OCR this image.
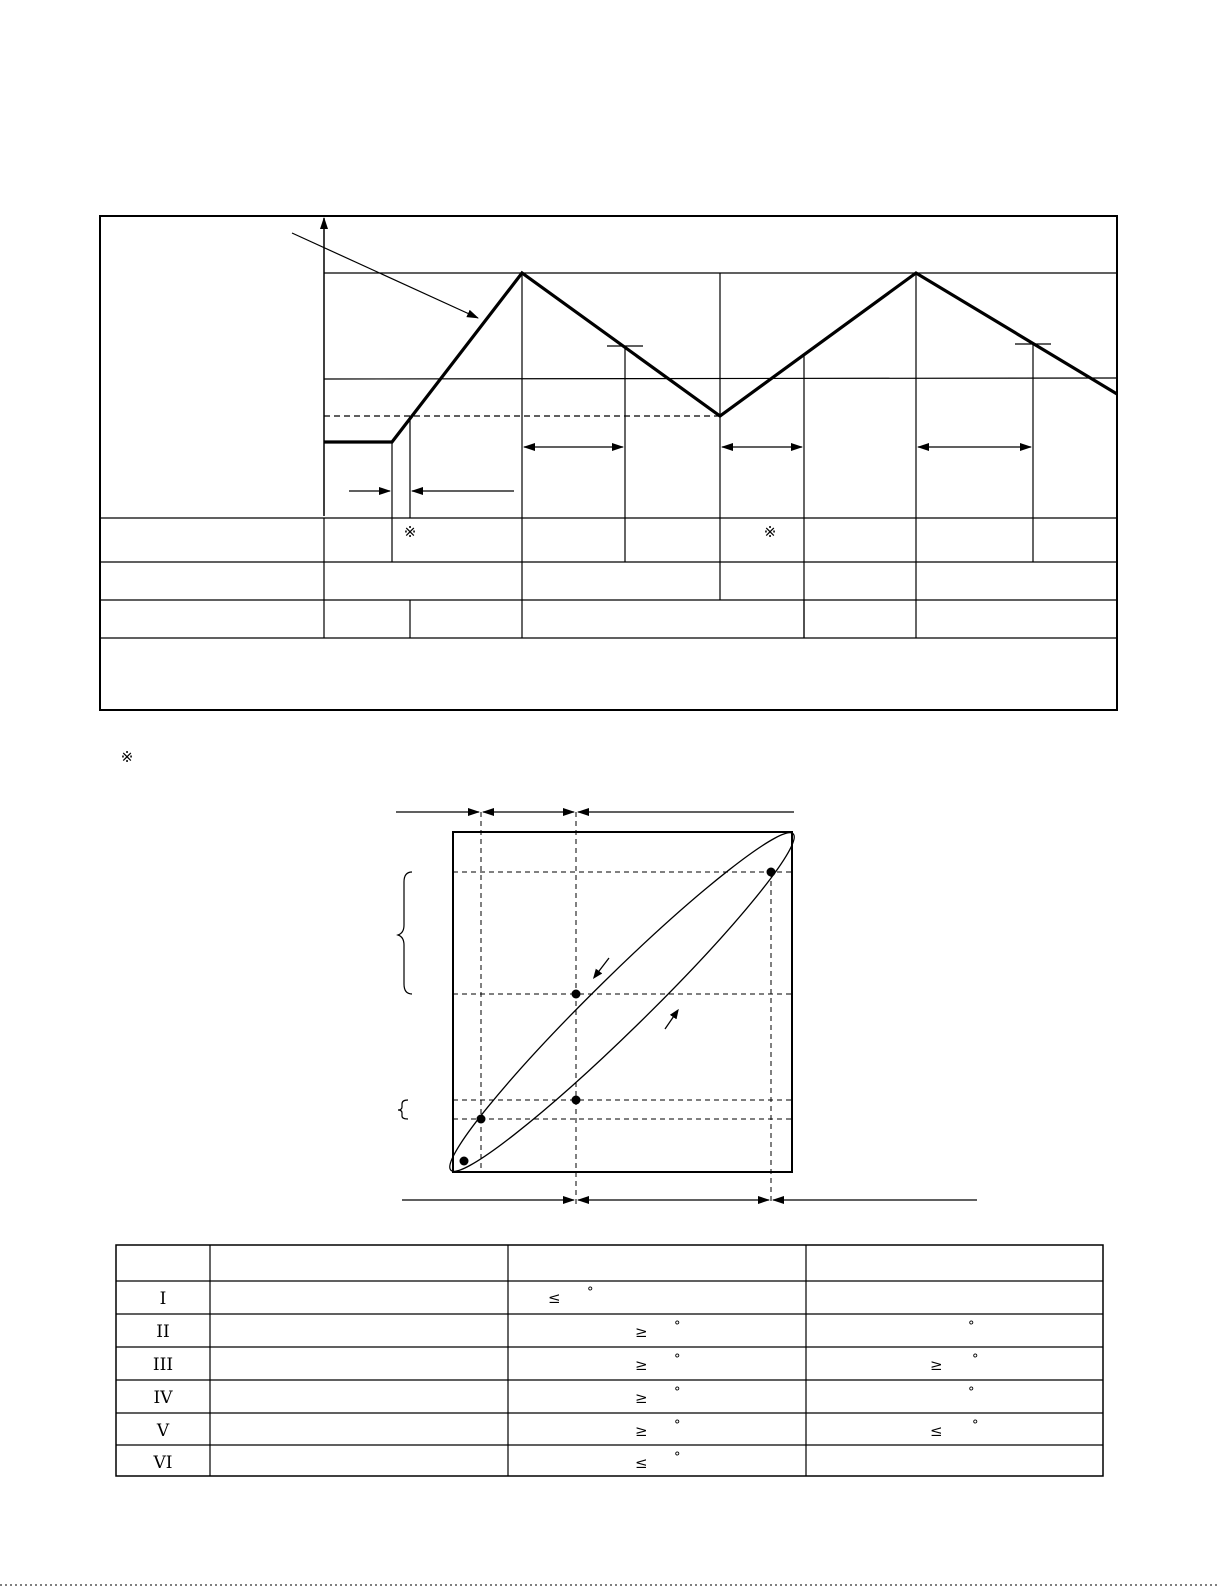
※	※
※
I
II
III
IV
V
VI
≤ °
≥ °
≥ °
≥ °
≥ °
≤ °
°
≥ °
°
≤ °
